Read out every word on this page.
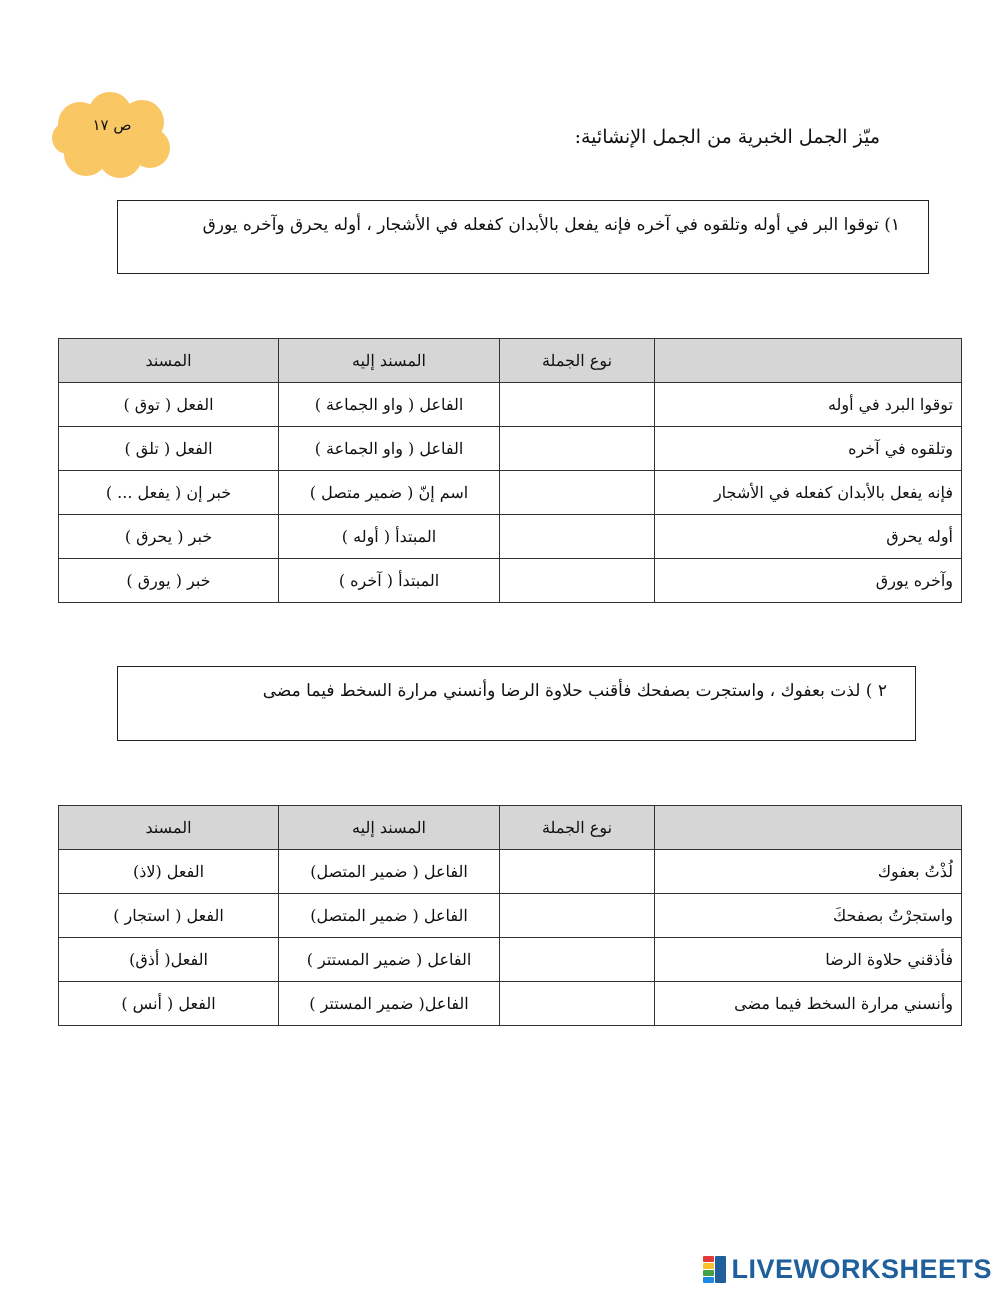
ص ١٧
ميّز الجمل الخبرية من الجمل الإنشائية:
١) توقوا البر في أوله وتلقوه في آخره فإنه يفعل بالأبدان كفعله في الأشجار ، أوله يحرق وآخره يورق
	نوع الجملة	المسند إليه	المسند
توقوا البرد في أوله		الفاعل ( واو الجماعة )	الفعل ( توق )
وتلقوه في آخره		الفاعل ( واو الجماعة )	الفعل ( تلق )
فإنه يفعل بالأبدان كفعله في الأشجار		اسم إنّ ( ضمير متصل )	خبر إن ( يفعل ... )
أوله يحرق		المبتدأ ( أوله )	خبر ( يحرق )
وآخره يورق		المبتدأ ( آخره )	خبر ( يورق )
٢ ) لذت بعفوك ، واستجرت بصفحك فأقنب حلاوة الرضا وأنسني مرارة السخط فيما مضى
	نوع الجملة	المسند إليه	المسند
لُذْتُ بعفوك		الفاعل ( ضمير المتصل)	الفعل (لاذ)
واستجرْتُ بصفحكَ		الفاعل ( ضمير المتصل)	الفعل ( استجار )
فأذقني حلاوة الرضا		الفاعل ( ضمير المستتر )	الفعل( أذق)
وأنسني مرارة السخط فيما مضى		الفاعل( ضمير المستتر )	الفعل ( أنس )
LIVEWORKSHEETS
